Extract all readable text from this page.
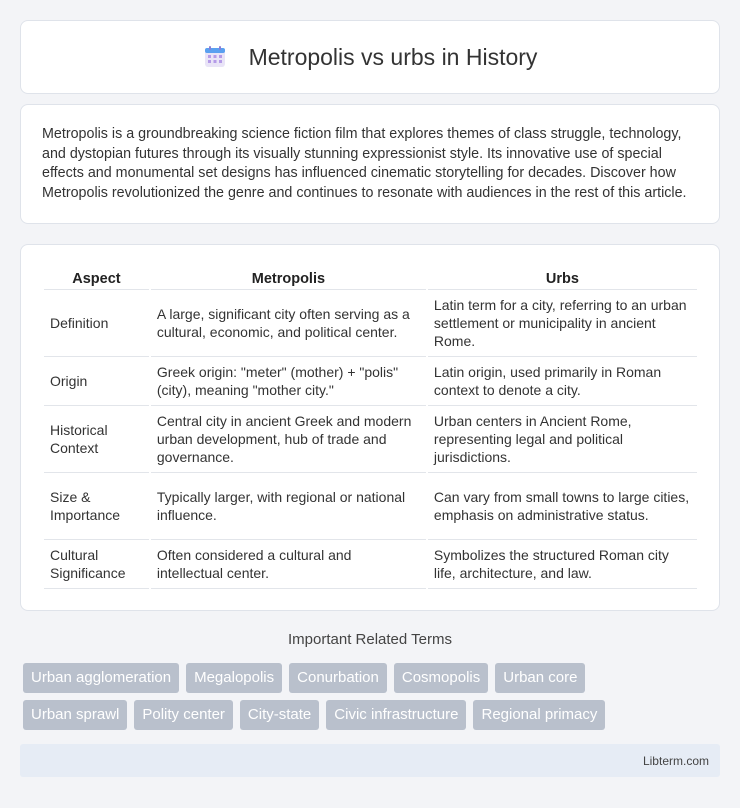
Metropolis vs urbs in History

Metropolis is a groundbreaking science fiction film that explores themes of class struggle, technology, and dystopian futures through its visually stunning expressionist style. Its innovative use of special effects and monumental set designs has influenced cinematic storytelling for decades. Discover how Metropolis revolutionized the genre and continues to resonate with audiences in the rest of this article.

Aspect	Metropolis	Urbs
Definition	A large, significant city often serving as a cultural, economic, and political center.	Latin term for a city, referring to an urban settlement or municipality in ancient Rome.
Origin	Greek origin: "meter" (mother) + "polis" (city), meaning "mother city."	Latin origin, used primarily in Roman context to denote a city.
Historical Context	Central city in ancient Greek and modern urban development, hub of trade and governance.	Urban centers in Ancient Rome, representing legal and political jurisdictions.
Size & Importance	Typically larger, with regional or national influence.	Can vary from small towns to large cities, emphasis on administrative status.
Cultural Significance	Often considered a cultural and intellectual center.	Symbolizes the structured Roman city life, architecture, and law.
Important Related Terms
Urban agglomeration	Megalopolis	Conurbation	Cosmopolis	Urban core
Urban sprawl	Polity center	City-state	Civic infrastructure	Regional primacy
Libterm.com
